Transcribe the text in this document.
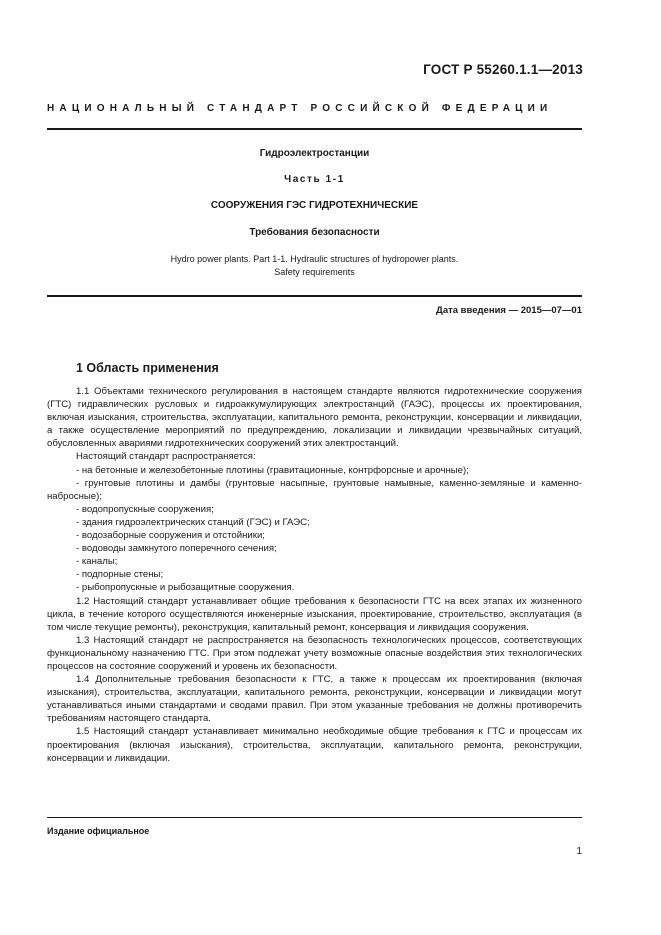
ГОСТ Р 55260.1.1—2013
НАЦИОНАЛЬНЫЙ СТАНДАРТ РОССИЙСКОЙ ФЕДЕРАЦИИ
Гидроэлектростанции
Часть 1-1
СООРУЖЕНИЯ ГЭС ГИДРОТЕХНИЧЕСКИЕ
Требования безопасности
Hydro power plants. Part 1-1. Hydraulic structures of hydropower plants.
Safety requirements
Дата введения — 2015—07—01
1 Область применения

1.1 Объектами технического регулирования в настоящем стандарте являются гидротехнические сооружения (ГТС) гидравлических русловых и гидроаккумулирующих электростанций (ГАЭС), процессы их проектирования, включая изыскания, строительства, эксплуатации, капитального ремонта, реконструкции, консервации и ликвидации, а также осуществление мероприятий по предупреждению, локализации и ликвидации чрезвычайных ситуаций, обусловленных авариями гидротехнических сооружений этих электростанций.

Настоящий стандарт распространяется:

- на бетонные и железобетонные плотины (гравитационные, контрфорсные и арочные);

- грунтовые плотины и дамбы (грунтовые насыпные, грунтовые намывные, каменно-земляные и каменно-набросные);

- водопропускные сооружения;

- здания гидроэлектрических станций (ГЭС) и ГАЭС;

- водозаборные сооружения и отстойники;

- водоводы замкнутого поперечного сечения;

- каналы;

- подпорные стены;

- рыбопропускные и рыбозащитные сооружения.

1.2 Настоящий стандарт устанавливает общие требования к безопасности ГТС на всех этапах их жизненного цикла, в течение которого осуществляются инженерные изыскания, проектирование, строительство, эксплуатация (в том числе текущие ремонты), реконструкция, капитальный ремонт, консервация и ликвидация сооружения.

1.3 Настоящий стандарт не распространяется на безопасность технологических процессов, соответствующих функциональному назначению ГТС. При этом подлежат учету возможные опасные воздействия этих технологических процессов на состояние сооружений и уровень их безопасности.

1.4 Дополнительные требования безопасности к ГТС, а также к процессам их проектирования (включая изыскания), строительства, эксплуатации, капитального ремонта, реконструкции, консервации и ликвидации могут устанавливаться иными стандартами и сводами правил. При этом указанные требования не должны противоречить требованиям настоящего стандарта.

1.5 Настоящий стандарт устанавливает минимально необходимые общие требования к ГТС и процессам их проектирования (включая изыскания), строительства, эксплуатации, капитального ремонта, реконструкции, консервации и ликвидации.

Издание официальное
1
